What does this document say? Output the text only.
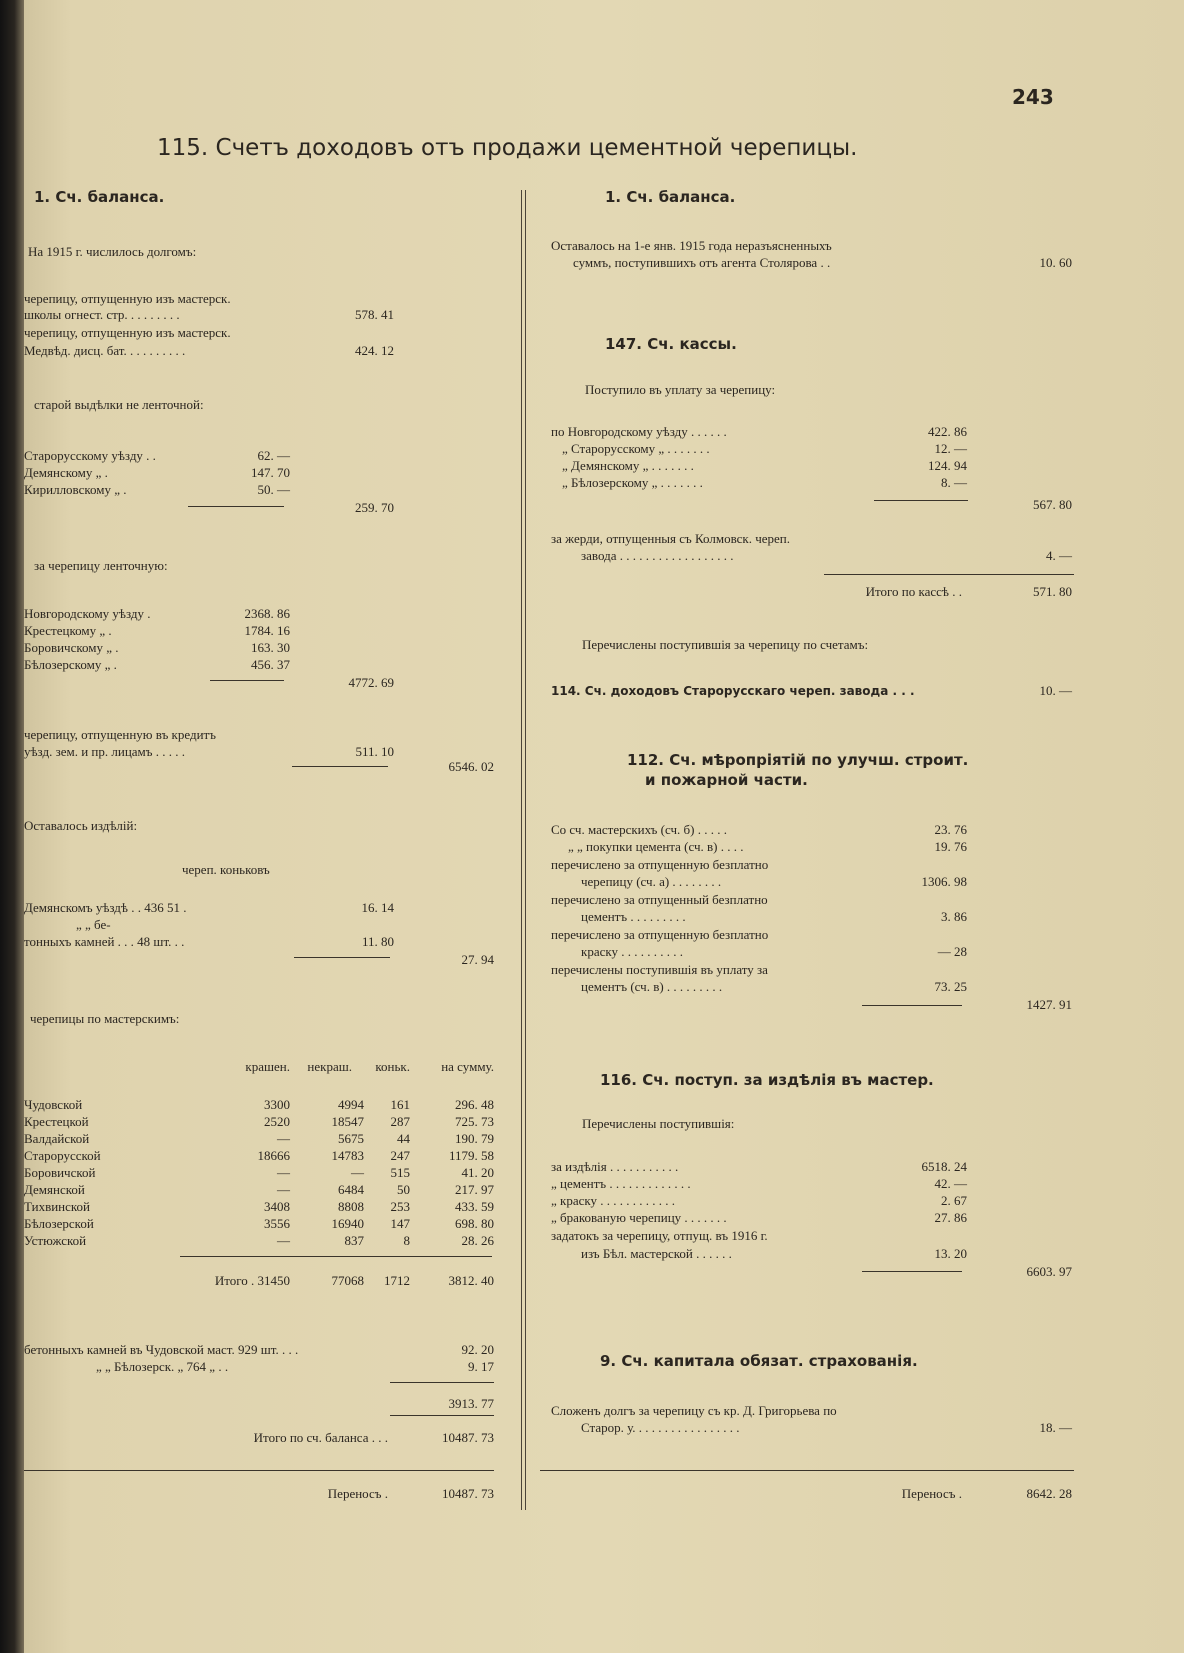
243
115. Счетъ доходовъ отъ продажи цементной черепицы.
1. Сч. баланса.
На 1915 г. числилось долгомъ:
черепицу, отпущенную изъ мастерск.
школы огнест. стр. . . . . . . . .	578. 41
черепицу, отпущенную изъ мастерск.
Медвѣд. дисц. бат. . . . . . . . . .	424. 12
старой выдѣлки не ленточной:
Старорусскому уѣзду . .	62. —
Демянскому „ .	147. 70
Кирилловскому „ .	50. —
259. 70
за черепицу ленточную:
Новгородскому уѣзду .	2368. 86
Крестецкому „ .	1784. 16
Боровичскому „ .	163. 30
Бѣлозерскому „ .	456. 37
4772. 69
черепицу, отпущенную въ кредитъ
уѣзд. зем. и пр. лицамъ . . . . .	511. 10
6546. 02
Оставалось издѣлій:
череп. коньковъ
Демянскомъ уѣздѣ . . 436 51 .	16. 14
„ „ бе-
тонныхъ камней . . . 48 шт. . .	11. 80
27. 94
черепицы по мастерскимъ:
крашен. некраш. коньк. на сумму.
Чудовской	3300	4994 161	296. 48
Крестецкой	2520	18547 287	725. 73
Валдайской	—	5675	44	190. 79
Старорусской	18666	14783 247	1179. 58
Боровичской	—	— 515	41. 20
Демянской	—	6484	50	217. 97
Тихвинской	3408	8808 253	433. 59
Бѣлозерской	3556	16940 147	698. 80
Устюжской	—	837	8	28. 26
Итого . 31450	77068 1712	3812. 40
бетонныхъ камней въ Чудовской маст. 929 шт. . . .	92. 20
„ „ Бѣлозерск. „ 764 „ . .	9. 17
3913. 77
Итого по сч. баланса . . .	10487. 73
Переносъ .	10487. 73
1. Сч. баланса.
Оставалось на 1-е янв. 1915 года неразъясненныхъ
суммъ, поступившихъ отъ агента Столярова . .	10. 60
147. Сч. кассы.
Поступило въ уплату за черепицу:
по Новгородскому уѣзду . . . . . .	422. 86
„ Старорусскому „ . . . . . . .	12. —
„ Демянскому „ . . . . . . .	124. 94
„ Бѣлозерскому „ . . . . . . .	8. —
567. 80
за жерди, отпущенныя съ Колмовск. череп.
завода . . . . . . . . . . . . . . . . . .	4. —
Итого по кассѣ . .	571. 80
Перечислены поступившія за черепицу по счетамъ:
114. Сч. доходовъ Старорусскаго череп. завода . . .	10. —
112. Сч. мѣропріятій по улучш. строит.
и пожарной части.
Со сч. мастерскихъ (сч. б) . . . . .	23. 76
„ „ покупки цемента (сч. в) . . . .	19. 76
перечислено за отпущенную безплатно
черепицу (сч. а) . . . . . . . .	1306. 98
перечислено за отпущенный безплатно
цементъ . . . . . . . . .	3. 86
перечислено за отпущенную безплатно
краску . . . . . . . . . .	— 28
перечислены поступившія въ уплату за
цементъ (сч. в) . . . . . . . . .	73. 25
1427. 91
116. Сч. поступ. за издѣлія въ мастер.
Перечислены поступившія:
за издѣлія . . . . . . . . . . .	6518. 24
„ цементъ . . . . . . . . . . . . .	42. —
„ краску . . . . . . . . . . . .	2. 67
„ бракованую черепицу . . . . . . .	27. 86
задатокъ за черепицу, отпущ. въ 1916 г.
изъ Бѣл. мастерской . . . . . .	13. 20
6603. 97
9. Сч. капитала обязат. страхованія.
Сложенъ долгъ за черепицу съ кр. Д. Григорьева по
Старор. у. . . . . . . . . . . . . . . . .	18. —
Переносъ .	8642. 28
